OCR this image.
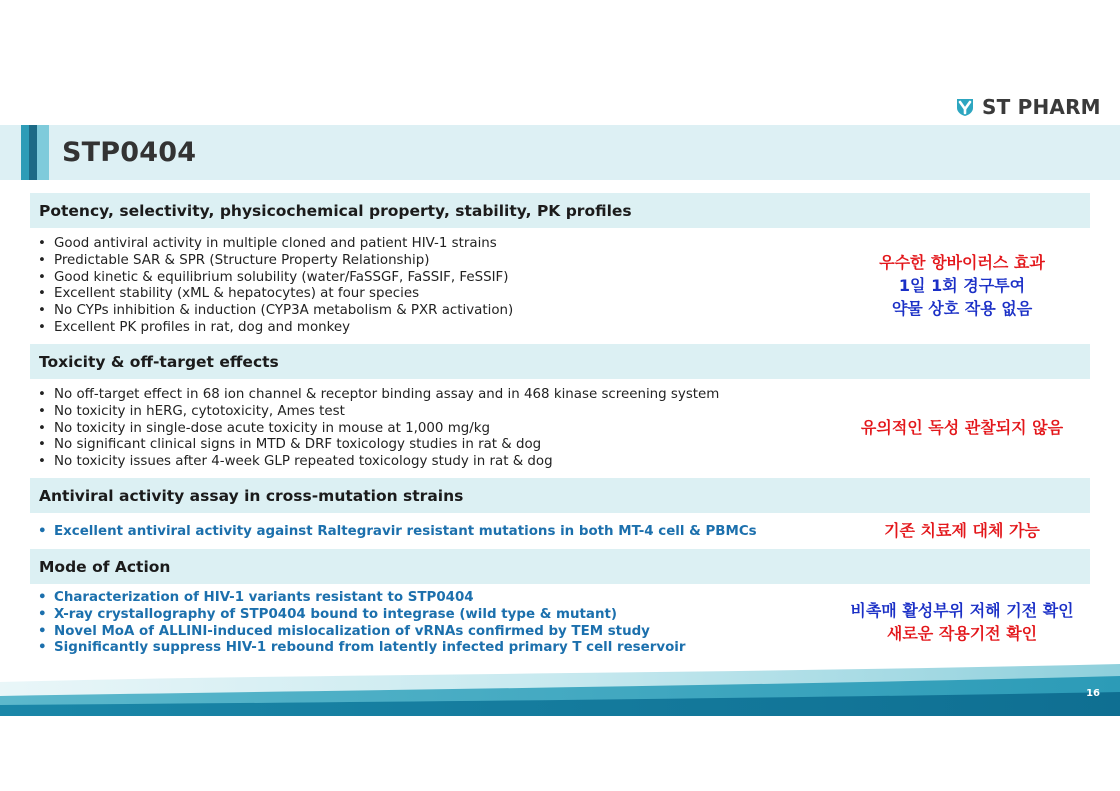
ST PHARM
STP0404
Potency, selectivity, physicochemical property, stability, PK profiles
• Good antiviral activity in multiple cloned and patient HIV-1 strains
• Predictable SAR & SPR (Structure Property Relationship)
• Good kinetic & equilibrium solubility (water/FaSSGF, FaSSIF, FeSSIF)
• Excellent stability (xML & hepatocytes) at four species
• No CYPs inhibition & induction (CYP3A metabolism & PXR activation)
• Excellent PK profiles in rat, dog and monkey
우수한 항바이러스 효과
1일 1회 경구투여
약물 상호 작용 없음
Toxicity & off-target effects
• No off-target effect in 68 ion channel & receptor binding assay and in 468 kinase screening system
• No toxicity in hERG, cytotoxicity, Ames test
• No toxicity in single-dose acute toxicity in mouse at 1,000 mg/kg
• No significant clinical signs in MTD & DRF toxicology studies in rat & dog
• No toxicity issues after 4-week GLP repeated toxicology study in rat & dog
유의적인 독성 관찰되지 않음
Antiviral activity assay in cross-mutation strains
• Excellent antiviral activity against Raltegravir resistant mutations in both MT-4 cell & PBMCs	기존 치료제 대체 가능
Mode of Action
• Characterization of HIV-1 variants resistant to STP0404
• X-ray crystallography of STP0404 bound to integrase (wild type & mutant)
• Novel MoA of ALLINI-induced mislocalization of vRNAs confirmed by TEM study
• Significantly suppress HIV-1 rebound from latently infected primary T cell reservoir
비촉매 활성부위 저해 기전 확인
새로운 작용기전 확인
16
